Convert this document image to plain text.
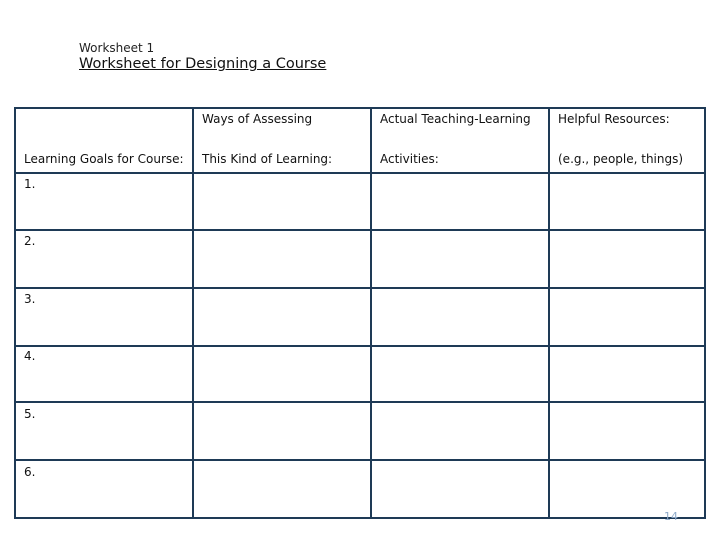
Worksheet 1
Worksheet for Designing a Course
Learning Goals for Course:
Ways of Assessing
This Kind of Learning:
Actual Teaching-Learning
Activities:
Helpful Resources:
(e.g., people, things)
1.
2.
3.
4.
5.
6.
14
